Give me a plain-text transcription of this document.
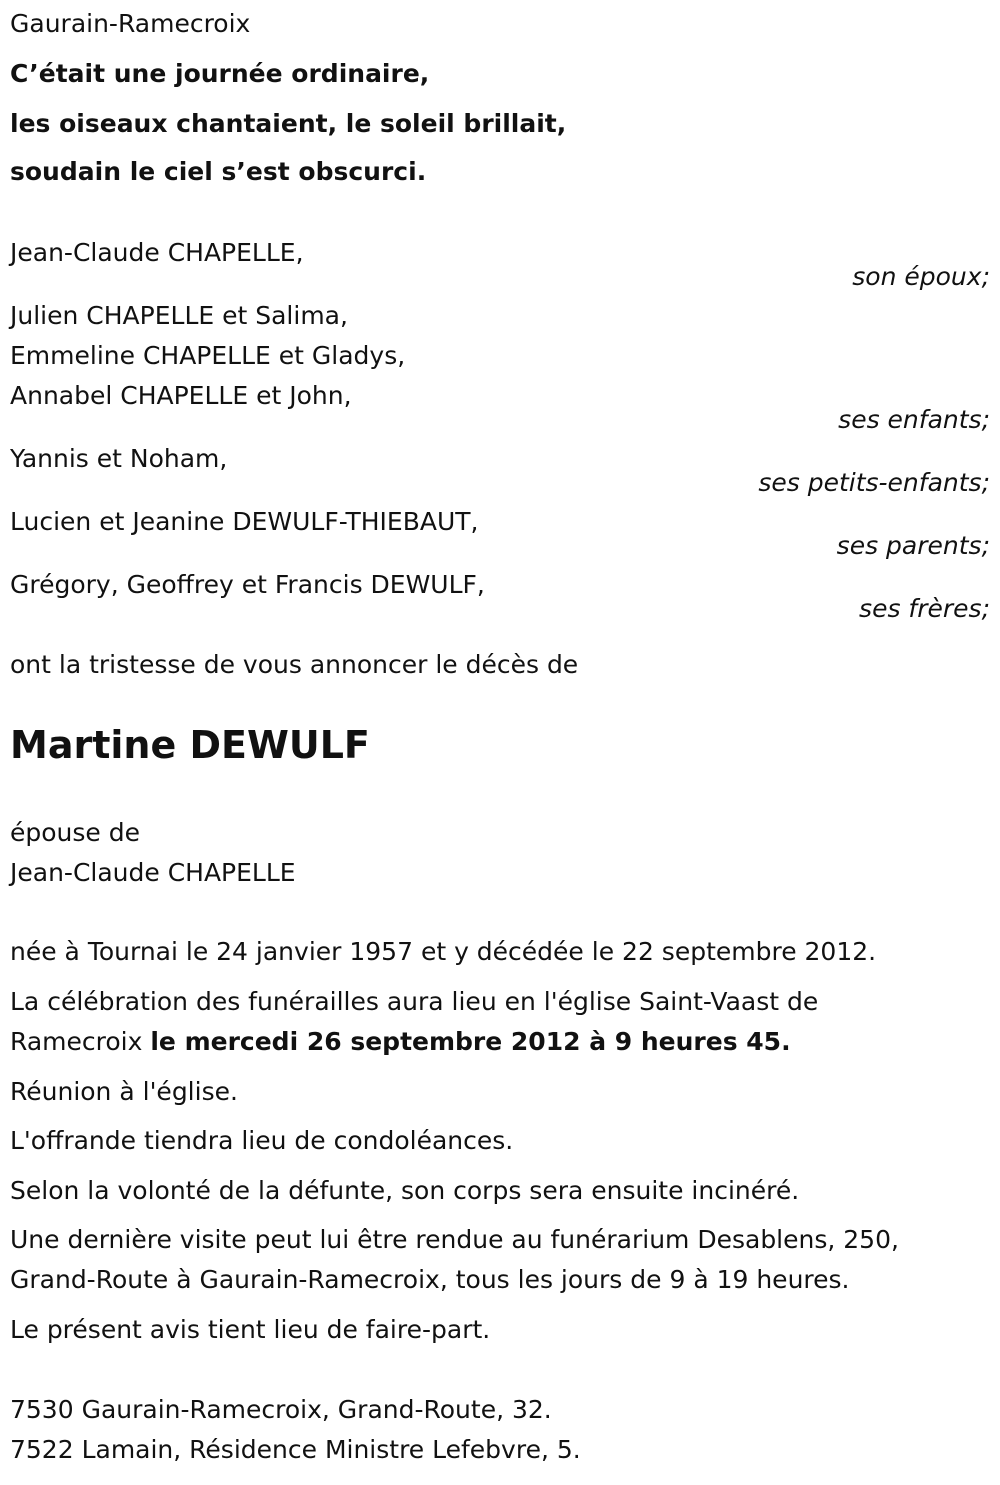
Gaurain-Ramecroix
C’était une journée ordinaire,
les oiseaux chantaient, le soleil brillait,
soudain le ciel s’est obscurci.
Jean-Claude CHAPELLE,
son époux;
Julien CHAPELLE et Salima,
Emmeline CHAPELLE et Gladys,
Annabel CHAPELLE et John,
ses enfants;
Yannis et Noham,
ses petits-enfants;
Lucien et Jeanine DEWULF-THIEBAUT,
ses parents;
Grégory, Geoffrey et Francis DEWULF,
ses frères;
ont la tristesse de vous annoncer le décès de
Martine DEWULF
épouse de
Jean-Claude CHAPELLE
née à Tournai le 24 janvier 1957 et y décédée le 22 septembre 2012.
La célébration des funérailles aura lieu en l'église Saint-Vaast de
Ramecroix le mercedi 26 septembre 2012 à 9 heures 45.
Réunion à l'église.
L'offrande tiendra lieu de condoléances.
Selon la volonté de la défunte, son corps sera ensuite incinéré.
Une dernière visite peut lui être rendue au funérarium Desablens, 250,
Grand-Route à Gaurain-Ramecroix, tous les jours de 9 à 19 heures.
Le présent avis tient lieu de faire-part.
7530 Gaurain-Ramecroix, Grand-Route, 32.
7522 Lamain, Résidence Ministre Lefebvre, 5.
